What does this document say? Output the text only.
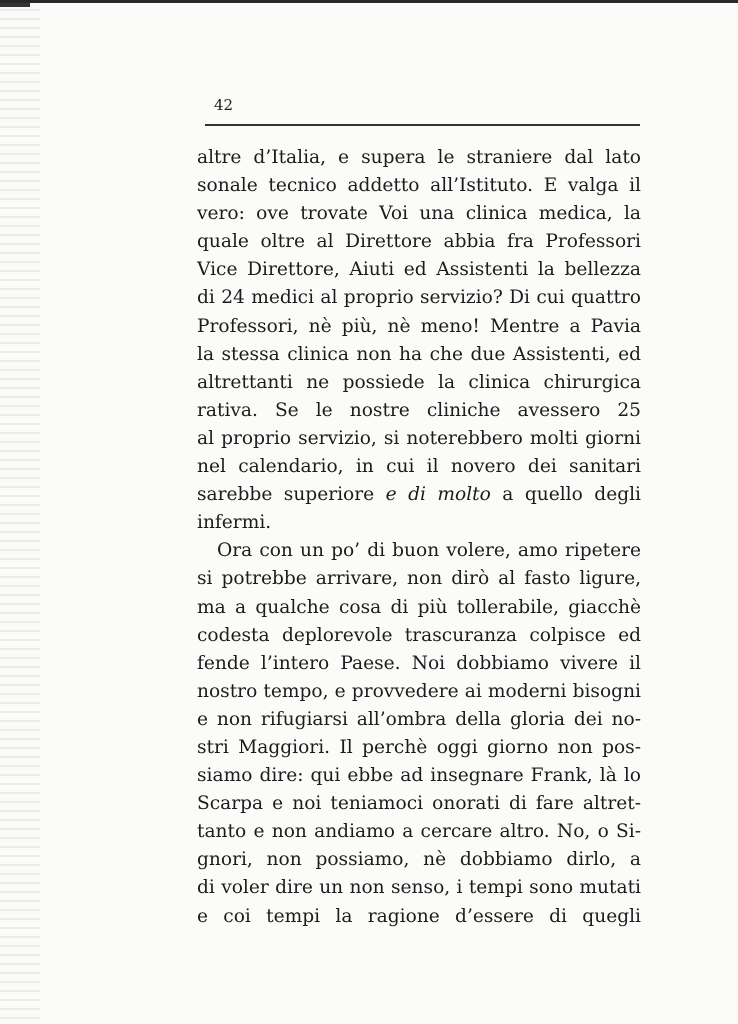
42
altre d’Italia, e supera le straniere dal lato
sonale tecnico addetto all’Istituto. E valga il
vero: ove trovate Voi una clinica medica, la
quale oltre al Direttore abbia fra Professori
Vice Direttore, Aiuti ed Assistenti la bellezza
di 24 medici al proprio servizio? Di cui quattro
Professori, nè più, nè meno! Mentre a Pavia
la stessa clinica non ha che due Assistenti, ed
altrettanti ne possiede la clinica chirurgica
rativa. Se le nostre cliniche avessero 25
al proprio servizio, si noterebbero molti giorni
nel calendario, in cui il novero dei sanitari
sarebbe superiore e di molto a quello degli
infermi.
Ora con un po’ di buon volere, amo ripetere
si potrebbe arrivare, non dirò al fasto ligure,
ma a qualche cosa di più tollerabile, giacchè
codesta deplorevole trascuranza colpisce ed
fende l’intero Paese. Noi dobbiamo vivere il
nostro tempo, e provvedere ai moderni bisogni
e non rifugiarsi all’ombra della gloria dei no-
stri Maggiori. Il perchè oggi giorno non pos-
siamo dire: qui ebbe ad insegnare Frank, là lo
Scarpa e noi teniamoci onorati di fare altret-
tanto e non andiamo a cercare altro. No, o Si-
gnori, non possiamo, nè dobbiamo dirlo, a
di voler dire un non senso, i tempi sono mutati
e coi tempi la ragione d’essere di quegli
